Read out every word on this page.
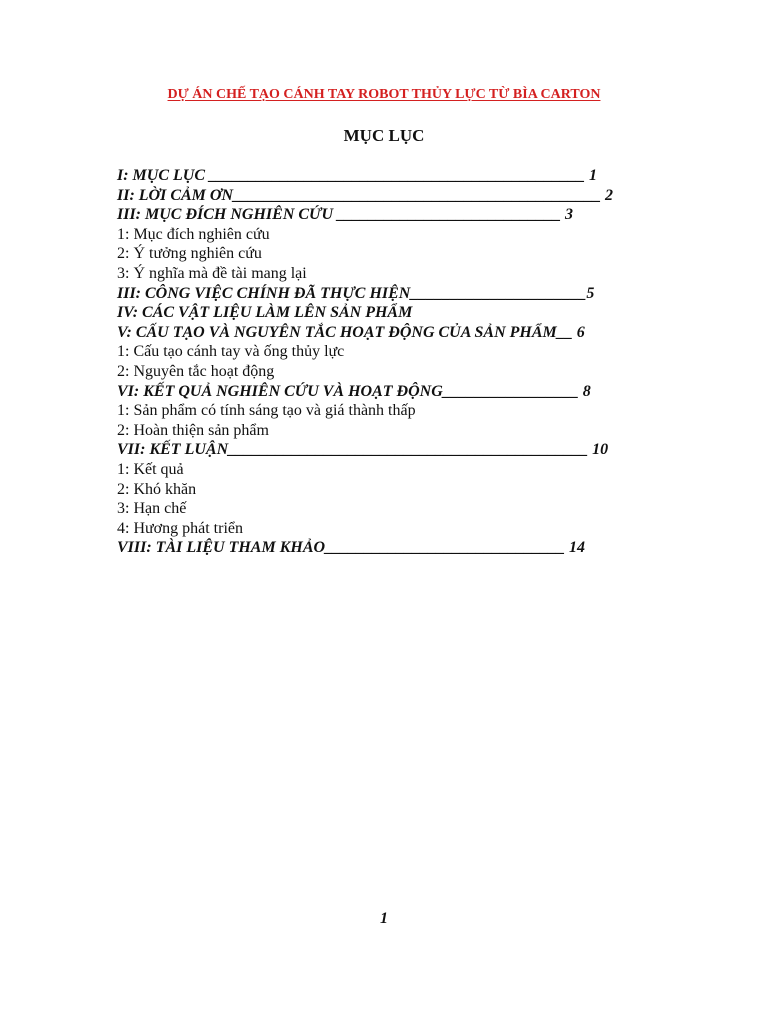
DỰ ÁN CHẾ TẠO CÁNH TAY ROBOT THỦY LỰC TỪ BÌA CARTON
MỤC LỤC
I: MỤC LỤC _______________________________________________ 1
II: LỜI CẢM ƠN______________________________________________ 2
III: MỤC ĐÍCH NGHIÊN CỨU ____________________________ 3
1: Mục đích nghiên cứu
2: Ý tưởng nghiên cứu
3: Ý nghĩa mà đề tài mang lại
III: CÔNG VIỆC CHÍNH ĐÃ THỰC HIỆN______________________5
IV: CÁC VẬT LIỆU LÀM LÊN SẢN PHẨM
V: CẤU TẠO VÀ NGUYÊN TẮC HOẠT ĐỘNG CỦA SẢN PHẨM__ 6
1: Cấu tạo cánh tay và ống thủy lực
2: Nguyên tắc hoạt động
VI: KẾT QUẢ NGHIÊN CỨU VÀ HOẠT ĐỘNG_________________ 8
1: Sản phẩm có tính sáng tạo và giá thành thấp
2: Hoàn thiện sản phẩm
VII: KẾT LUẬN_____________________________________________ 10
1: Kết quả
2: Khó khăn
3: Hạn chế
4: Hương phát triển
VIII: TÀI LIỆU THAM KHẢO______________________________ 14
1
